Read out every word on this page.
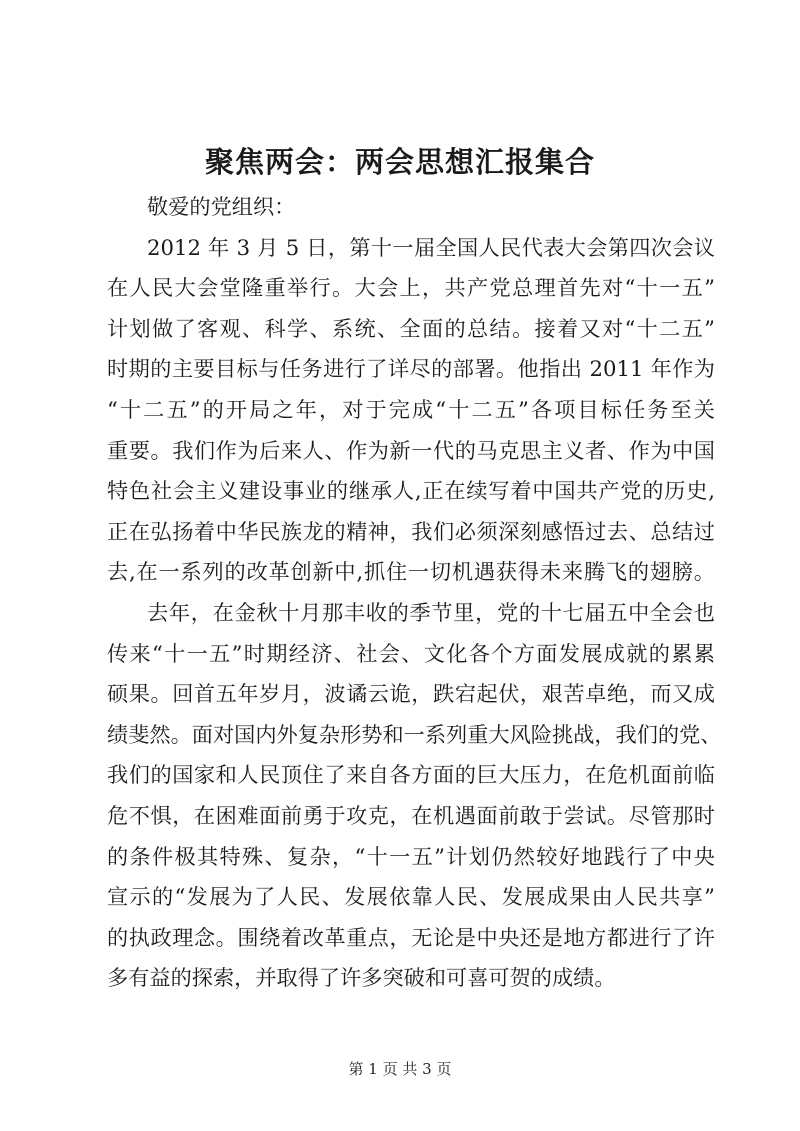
聚焦两会：两会思想汇报集合
敬爱的党组织：
2012 年 3 月 5 日，第十一届全国人民代表大会第四次会议
在人民大会堂隆重举行。大会上，共产党总理首先对“十一五”
计划做了客观、科学、系统、全面的总结。接着又对“十二五”
时期的主要目标与任务进行了详尽的部署。他指出 2011 年作为
“十二五”的开局之年，对于完成“十二五”各项目标任务至关
重要。我们作为后来人、作为新一代的马克思主义者、作为中国
特色社会主义建设事业的继承人,正在续写着中国共产党的历史,
正在弘扬着中华民族龙的精神，我们必须深刻感悟过去、总结过
去,在一系列的改革创新中,抓住一切机遇获得未来腾飞的翅膀。
去年，在金秋十月那丰收的季节里，党的十七届五中全会也
传来“十一五”时期经济、社会、文化各个方面发展成就的累累
硕果。回首五年岁月，波谲云诡，跌宕起伏，艰苦卓绝，而又成
绩斐然。面对国内外复杂形势和一系列重大风险挑战，我们的党、
我们的国家和人民顶住了来自各方面的巨大压力，在危机面前临
危不惧，在困难面前勇于攻克，在机遇面前敢于尝试。尽管那时
的条件极其特殊、复杂，“十一五”计划仍然较好地践行了中央
宣示的“发展为了人民、发展依靠人民、发展成果由人民共享”
的执政理念。围绕着改革重点，无论是中央还是地方都进行了许
多有益的探索，并取得了许多突破和可喜可贺的成绩。
第 1 页 共 3 页
